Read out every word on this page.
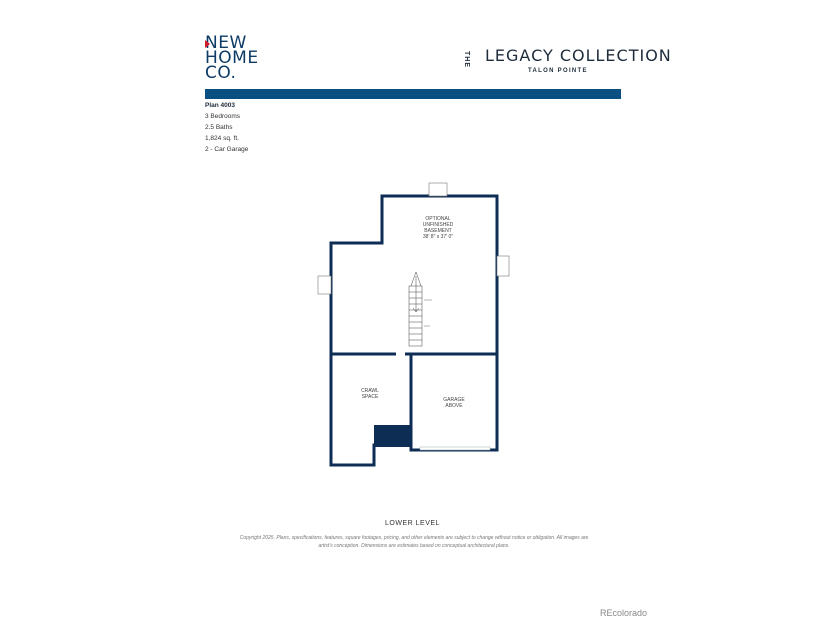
NEW
HOME
CO.
THE LEGACY COLLECTION
TALON POINTE
Plan 4003
3 Bedrooms
2.5 Baths
1,824 sq. ft.
2 - Car Garage
OPTIONAL
UNFINISHED
BASEMENT
38' 8" x 37' 0"
CRAWL
SPACE	GARAGE
ABOVE
LOWER LEVEL
Copyright 2025. Plans, specifications, features, square footages, pricing, and other elements are subject to change without notice or obligation. All images are artist's conception. Dimensions are estimates based on conceptual architectural plans.
REcolorado
